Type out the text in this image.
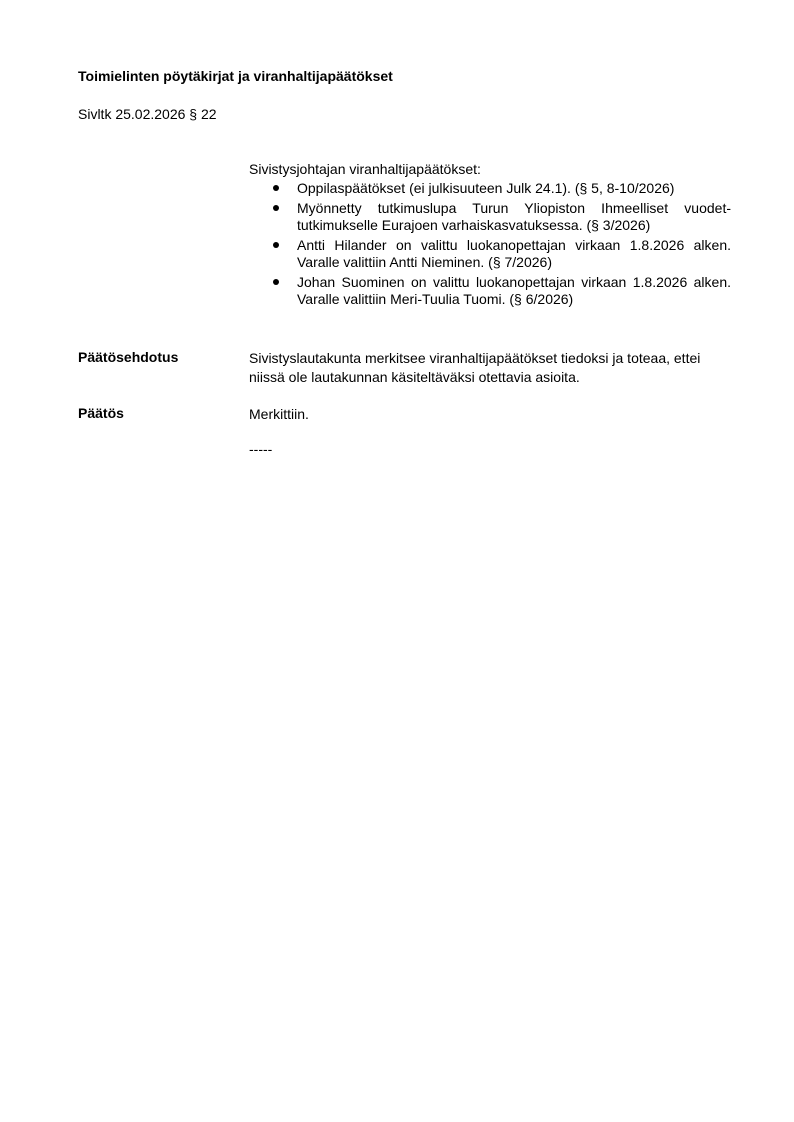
Toimielinten pöytäkirjat ja viranhaltijapäätökset
Sivltk 25.02.2026 § 22
Sivistysjohtajan viranhaltijapäätökset:
Oppilaspäätökset (ei julkisuuteen Julk 24.1). (§ 5, 8-10/2026)
Myönnetty tutkimuslupa Turun Yliopiston Ihmeelliset vuodet-tutkimukselle Eurajoen varhaiskasvatuksessa. (§ 3/2026)
Antti Hilander on valittu luokanopettajan virkaan 1.8.2026 alken. Varalle valittiin Antti Nieminen. (§ 7/2026)
Johan Suominen on valittu luokanopettajan virkaan 1.8.2026 alken. Varalle valittiin Meri-Tuulia Tuomi. (§ 6/2026)
Päätösehdotus	Sivistyslautakunta merkitsee viranhaltijapäätökset tiedoksi ja toteaa, ettei niissä ole lautakunnan käsiteltäväksi otettavia asioita.
Päätös	Merkittiin.
-----
